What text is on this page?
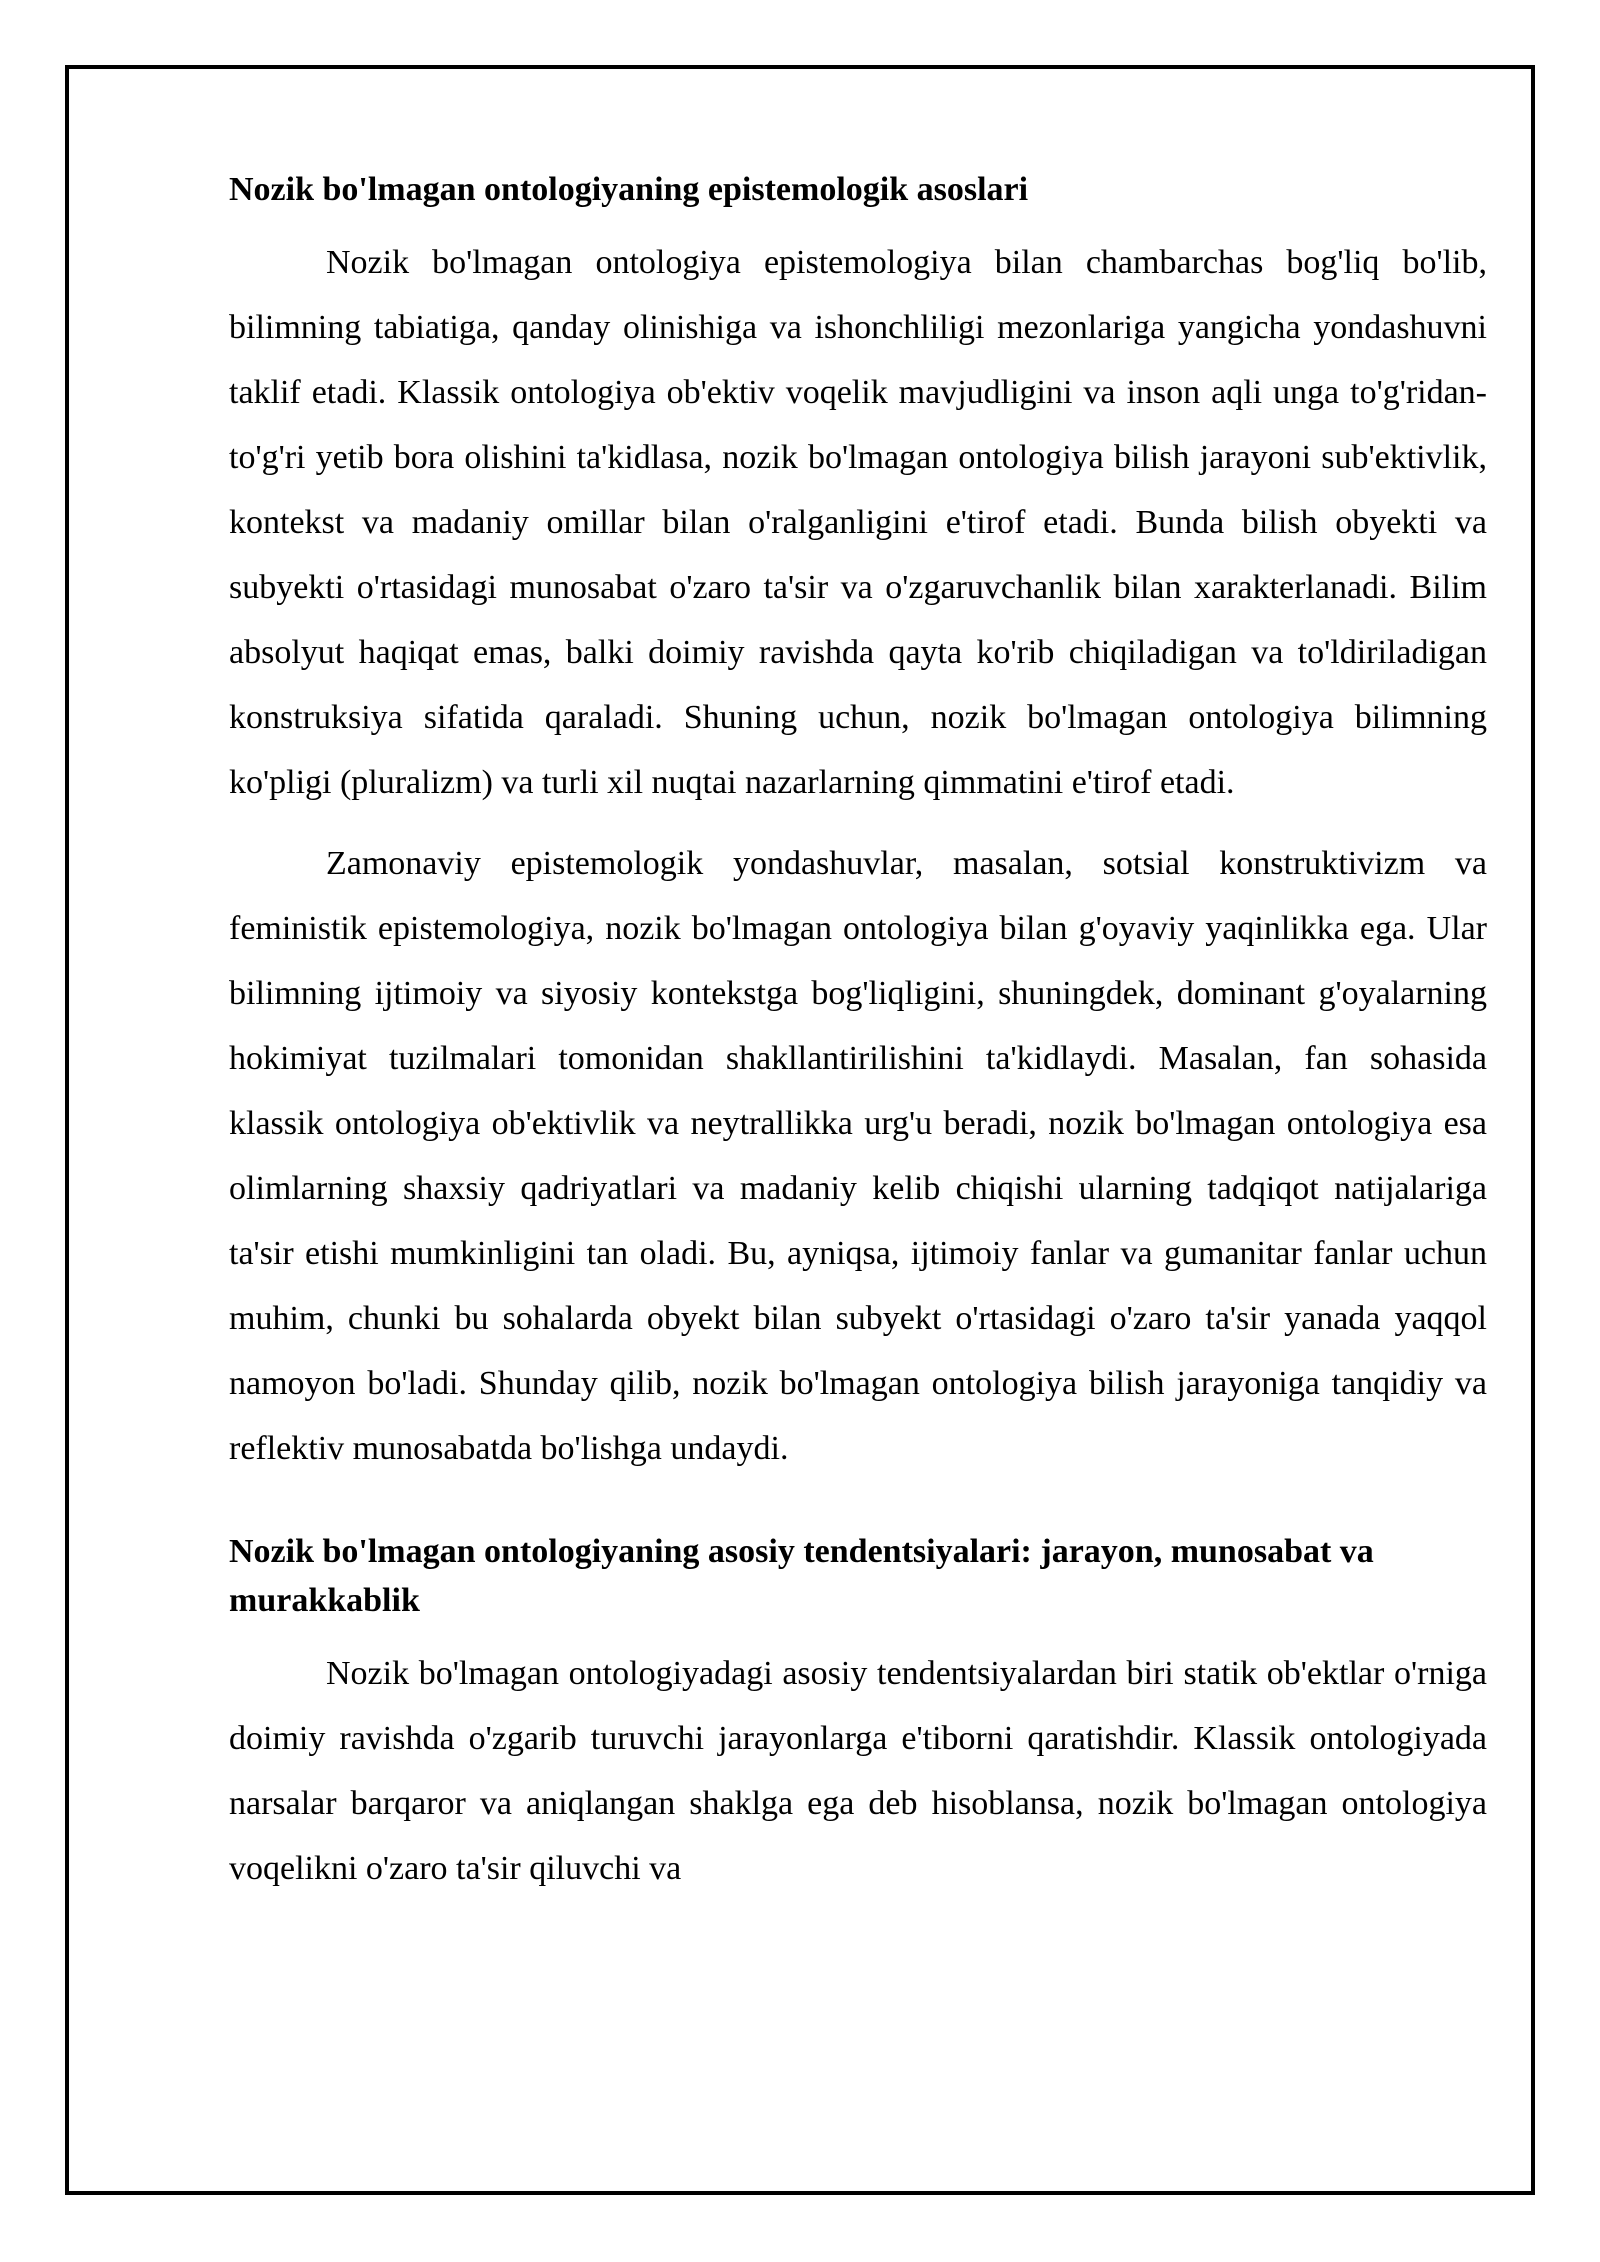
Nozik bo'lmagan ontologiyaning epistemologik asoslari

Nozik bo'lmagan ontologiya epistemologiya bilan chambarchas bog'liq bo'lib, bilimning tabiatiga, qanday olinishiga va ishonchliligi mezonlariga yangicha yondashuvni taklif etadi. Klassik ontologiya ob'ektiv voqelik mavjudligini va inson aqli unga to'g'ridan-to'g'ri yetib bora olishini ta'kidlasa, nozik bo'lmagan ontologiya bilish jarayoni sub'ektivlik, kontekst va madaniy omillar bilan o'ralganligini e'tirof etadi. Bunda bilish obyekti va subyekti o'rtasidagi munosabat o'zaro ta'sir va o'zgaruvchanlik bilan xarakterlanadi. Bilim absolyut haqiqat emas, balki doimiy ravishda qayta ko'rib chiqiladigan va to'ldiriladigan konstruksiya sifatida qaraladi. Shuning uchun, nozik bo'lmagan ontologiya bilimning ko'pligi (pluralizm) va turli xil nuqtai nazarlarning qimmatini e'tirof etadi.

Zamonaviy epistemologik yondashuvlar, masalan, sotsial konstruktivizm va feministik epistemologiya, nozik bo'lmagan ontologiya bilan g'oyaviy yaqinlikka ega. Ular bilimning ijtimoiy va siyosiy kontekstga bog'liqligini, shuningdek, dominant g'oyalarning hokimiyat tuzilmalari tomonidan shakllantirilishini ta'kidlaydi. Masalan, fan sohasida klassik ontologiya ob'ektivlik va neytrallikka urg'u beradi, nozik bo'lmagan ontologiya esa olimlarning shaxsiy qadriyatlari va madaniy kelib chiqishi ularning tadqiqot natijalariga ta'sir etishi mumkinligini tan oladi. Bu, ayniqsa, ijtimoiy fanlar va gumanitar fanlar uchun muhim, chunki bu sohalarda obyekt bilan subyekt o'rtasidagi o'zaro ta'sir yanada yaqqol namoyon bo'ladi. Shunday qilib, nozik bo'lmagan ontologiya bilish jarayoniga tanqidiy va reflektiv munosabatda bo'lishga undaydi.

Nozik bo'lmagan ontologiyaning asosiy tendentsiyalari: jarayon, munosabat va murakkablik

Nozik bo'lmagan ontologiyadagi asosiy tendentsiyalardan biri statik ob'ektlar o'rniga doimiy ravishda o'zgarib turuvchi jarayonlarga e'tiborni qaratishdir. Klassik ontologiyada narsalar barqaror va aniqlangan shaklga ega deb hisoblansa, nozik bo'lmagan ontologiya voqelikni o'zaro ta'sir qiluvchi va
